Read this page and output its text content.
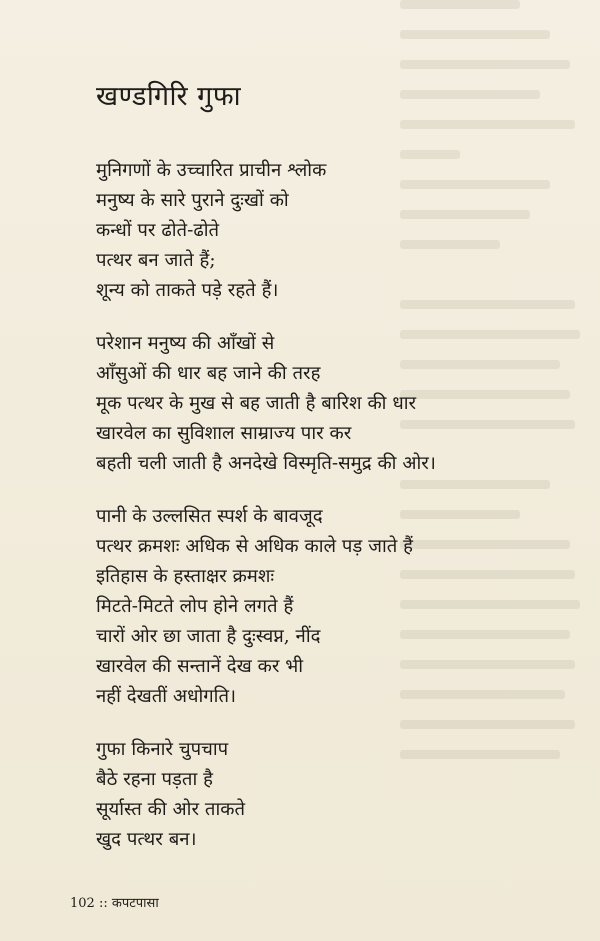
खण्डगिरि गुफा
मुनिगणों के उच्चारित प्राचीन श्लोक
मनुष्य के सारे पुराने दुःखों को
कन्धों पर ढोते-ढोते
पत्थर बन जाते हैं;
शून्य को ताकते पड़े रहते हैं।
परेशान मनुष्य की आँखों से
आँसुओं की धार बह जाने की तरह
मूक पत्थर के मुख से बह जाती है बारिश की धार
खारवेल का सुविशाल साम्राज्य पार कर
बहती चली जाती है अनदेखे विस्मृति-समुद्र की ओर।
पानी के उल्लसित स्पर्श के बावजूद
पत्थर क्रमशः अधिक से अधिक काले पड़ जाते हैं
इतिहास के हस्ताक्षर क्रमशः
मिटते-मिटते लोप होने लगते हैं
चारों ओर छा जाता है दुःस्वप्न, नींद
खारवेल की सन्तानें देख कर भी
नहीं देखतीं अधोगति।
गुफा किनारे चुपचाप
बैठे रहना पड़ता है
सूर्यास्त की ओर ताकते
खुद पत्थर बन।
102 :: कपटपासा
